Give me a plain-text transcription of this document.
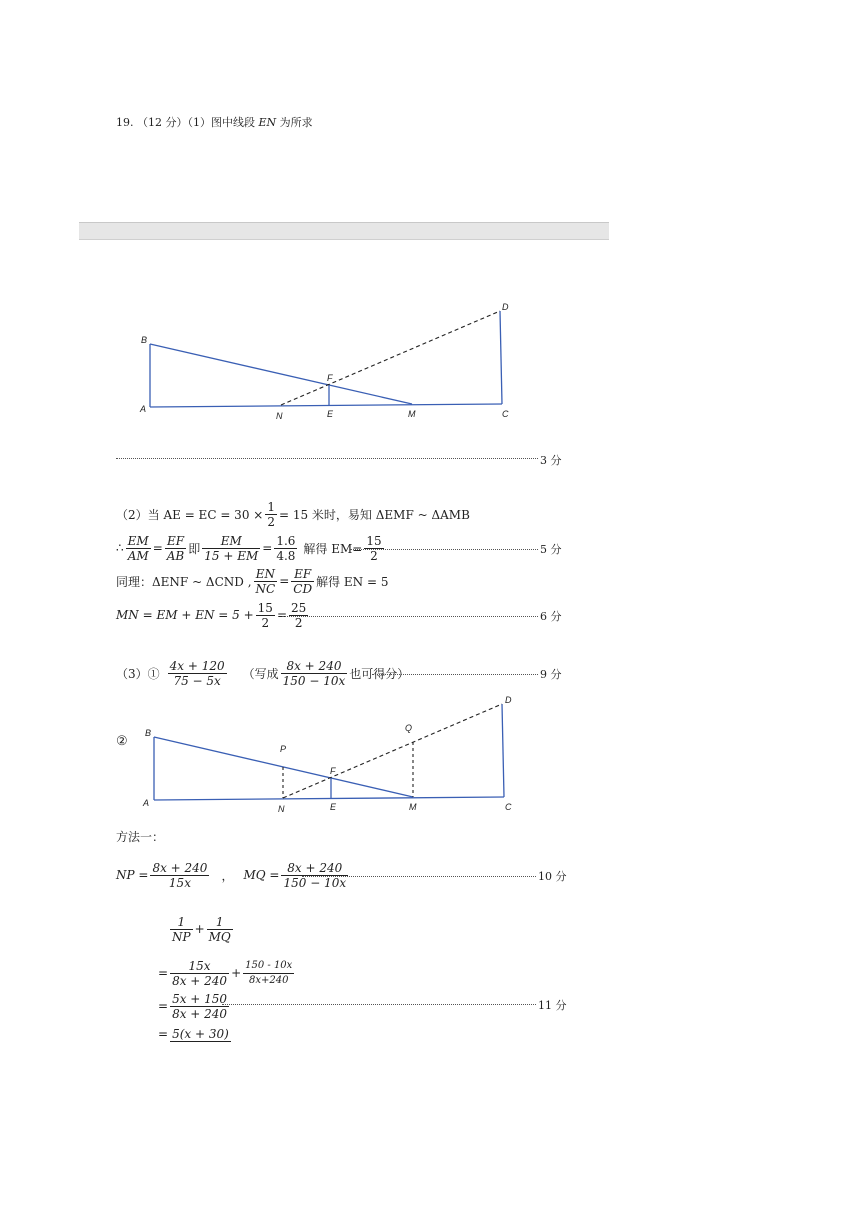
19. （12 分）（1）图中线段 EN 为所求
B
A
N	E
F
M	C
D
3 分
（2）当 AE = EC = $30 \times \frac{1}{2} = 15$ 米时，易知 ΔEMF ~ ΔAMB
∴ $\frac{EM}{AM} = \frac{EF}{AB}$ 即 $\frac{EM}{15 + EM} = \frac{1.6}{4.8}$ 解得 $EM= \frac{15}{2}$	5 分
同理：ΔENF ~ ΔCND , $\frac{EN}{NC} = \frac{EF}{CD}$ 解得 EN = 5
MN = EM + EN = $5 + \frac{15}{2} = \frac{25}{2}$	6 分
（3）① $\frac{4x + 120}{75 - 5x}$ （写成 $\frac{8x + 240}{150 - 10x}$ 也可得分）	9 分
②
B
A
N	E
F
M	C
D
P
Q
方法一：
NP = $\frac{8x + 240}{15x}$ ， MQ = $\frac{8x + 240}{150 - 10x}$	10 分
$\frac{1}{NP} + \frac{1}{MQ}$
= $\frac{15x}{8x + 240} + \frac{150 - 10x}{8x+240}$
= $\frac{5x + 150}{8x + 240}$	11 分
= 5(x + 30)
